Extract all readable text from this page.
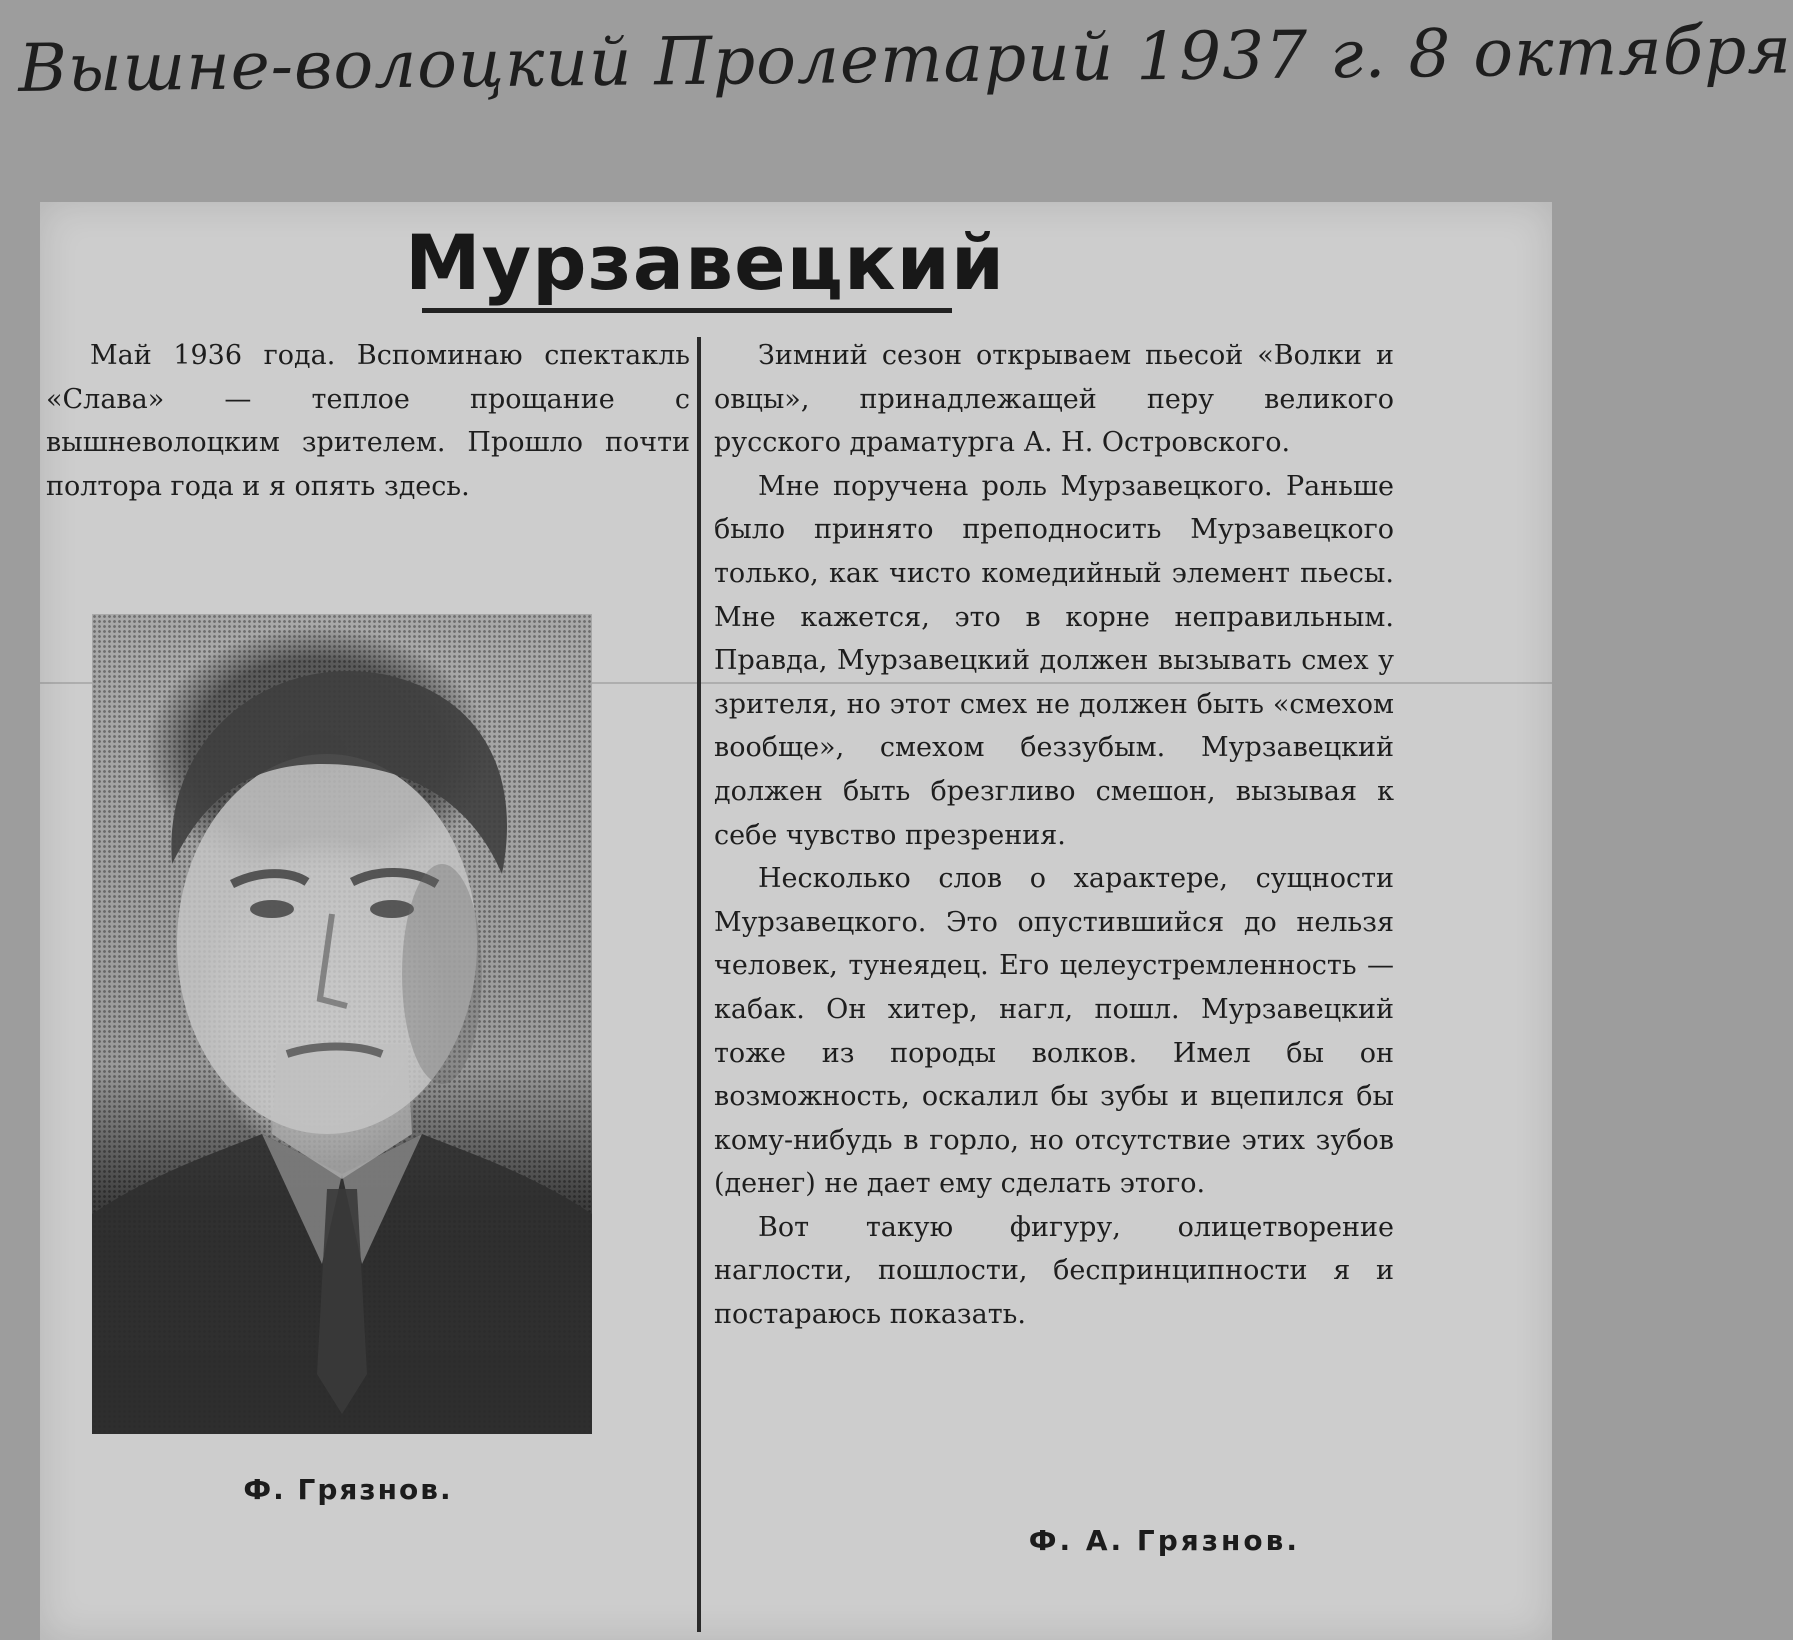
Вышне-волоцкий Пролетарий 1937 г. 8 октября
Мурзавецкий

Май 1936 года. Вспоминаю спектакль «Слава» — теплое прощание с вышневолоцким зрителем. Прошло почти полтора года и я опять здесь.

Ф. Грязнов.

Зимний сезон открываем пьесой «Волки и овцы», принадлежащей перу великого русского драматурга А. Н. Островского.

Мне поручена роль Мурзавецкого. Раньше было принято преподносить Мурзавецкого только, как чисто комедийный элемент пьесы. Мне кажется, это в корне неправильным. Правда, Мурзавецкий должен вызывать смех у зрителя, но этот смех не должен быть «смехом вообще», смехом беззубым. Мурзавецкий должен быть брезгливо смешон, вызывая к себе чувство презрения.

Несколько слов о характере, сущности Мурзавецкого. Это опустившийся до нельзя человек, тунеядец. Его целеустремленность — кабак. Он хитер, нагл, пошл. Мурзавецкий тоже из породы волков. Имел бы он возможность, оскалил бы зубы и вцепился бы кому-нибудь в горло, но отсутствие этих зубов (денег) не дает ему сделать этого.

Вот такую фигуру, олицетворение наглости, пошлости, беспринципности я и постараюсь показать.

Ф. А. Грязнов.
